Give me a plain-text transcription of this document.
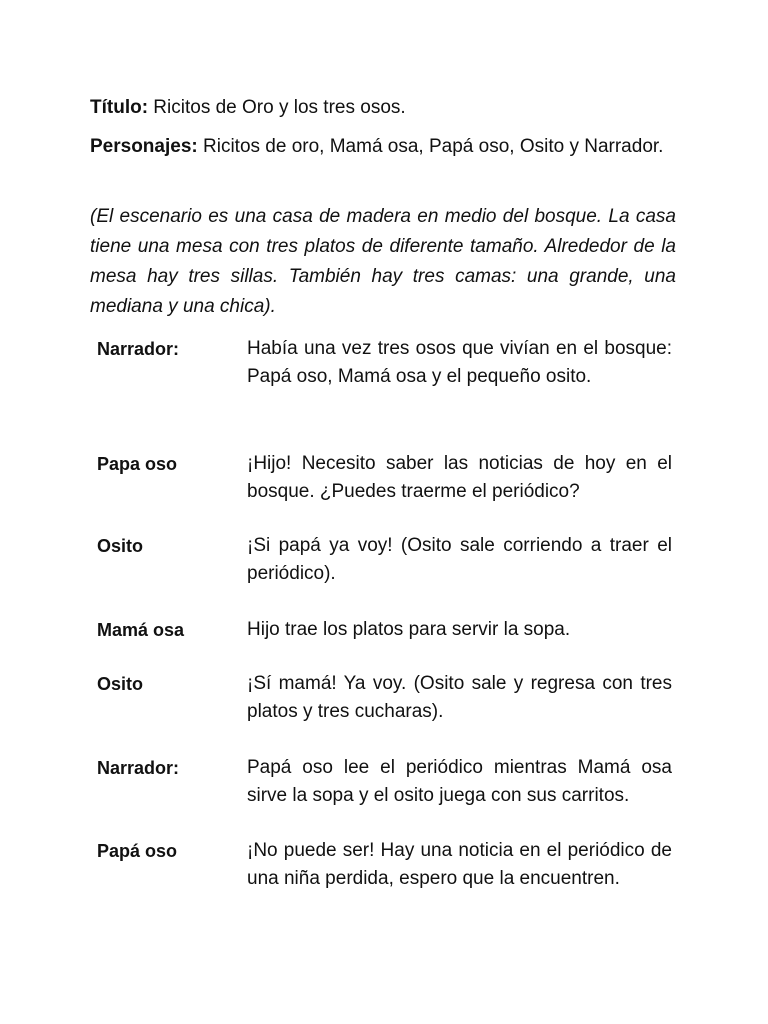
Título: Ricitos de Oro y los tres osos.
Personajes: Ricitos de oro, Mamá osa, Papá oso, Osito y Narrador.
(El escenario es una casa de madera en medio del bosque. La casa tiene una mesa con tres platos de diferente tamaño. Alrededor de la mesa hay tres sillas. También hay tres camas: una grande, una mediana y una chica).
Narrador:	Había una vez tres osos que vivían en el bosque: Papá oso, Mamá osa y el pequeño osito.
Papa oso	¡Hijo! Necesito saber las noticias de hoy en el bosque. ¿Puedes traerme el periódico?
Osito	¡Si papá ya voy! (Osito sale corriendo a traer el periódico).
Mamá osa	Hijo trae los platos para servir la sopa.
Osito	¡Sí mamá! Ya voy. (Osito sale y regresa con tres platos y tres cucharas).
Narrador:	Papá oso lee el periódico mientras Mamá osa sirve la sopa y el osito juega con sus carritos.
Papá oso	¡No puede ser! Hay una noticia en el periódico de una niña perdida, espero que la encuentren.
